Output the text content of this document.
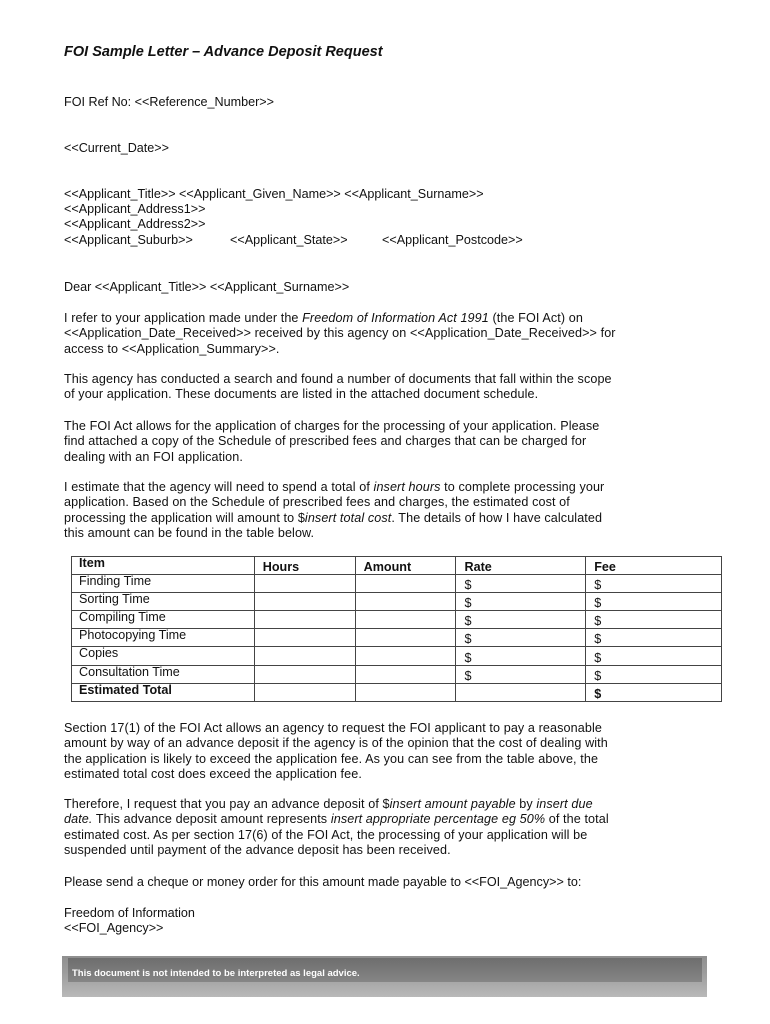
FOI Sample Letter – Advance Deposit Request
FOI Ref No: <<Reference_Number>>
<<Current_Date>>
<<Applicant_Title>> <<Applicant_Given_Name>> <<Applicant_Surname>>
<<Applicant_Address1>>
<<Applicant_Address2>>
<<Applicant_Suburb>>	<<Applicant_State>>	<<Applicant_Postcode>>
Dear <<Applicant_Title>> <<Applicant_Surname>>
I refer to your application made under the Freedom of Information Act 1991 (the FOI Act) on
<<Application_Date_Received>> received by this agency on <<Application_Date_Received>> for
access to <<Application_Summary>>.
This agency has conducted a search and found a number of documents that fall within the scope
of your application. These documents are listed in the attached document schedule.
The FOI Act allows for the application of charges for the processing of your application. Please
find attached a copy of the Schedule of prescribed fees and charges that can be charged for
dealing with an FOI application.
I estimate that the agency will need to spend a total of insert hours to complete processing your
application. Based on the Schedule of prescribed fees and charges, the estimated cost of
processing the application will amount to $insert total cost. The details of how I have calculated
this amount can be found in the table below.
Item	Hours	Amount	Rate	Fee
Finding Time			$	$
Sorting Time			$	$
Compiling Time			$	$
Photocopying Time			$	$
Copies			$	$
Consultation Time			$	$
Estimated Total				$
Section 17(1) of the FOI Act allows an agency to request the FOI applicant to pay a reasonable
amount by way of an advance deposit if the agency is of the opinion that the cost of dealing with
the application is likely to exceed the application fee. As you can see from the table above, the
estimated total cost does exceed the application fee.
Therefore, I request that you pay an advance deposit of $insert amount payable by insert due
date. This advance deposit amount represents insert appropriate percentage eg 50% of the total
estimated cost. As per section 17(6) of the FOI Act, the processing of your application will be
suspended until payment of the advance deposit has been received.
Please send a cheque or money order for this amount made payable to <<FOI_Agency>> to:
Freedom of Information
<<FOI_Agency>>
This document is not intended to be interpreted as legal advice.
